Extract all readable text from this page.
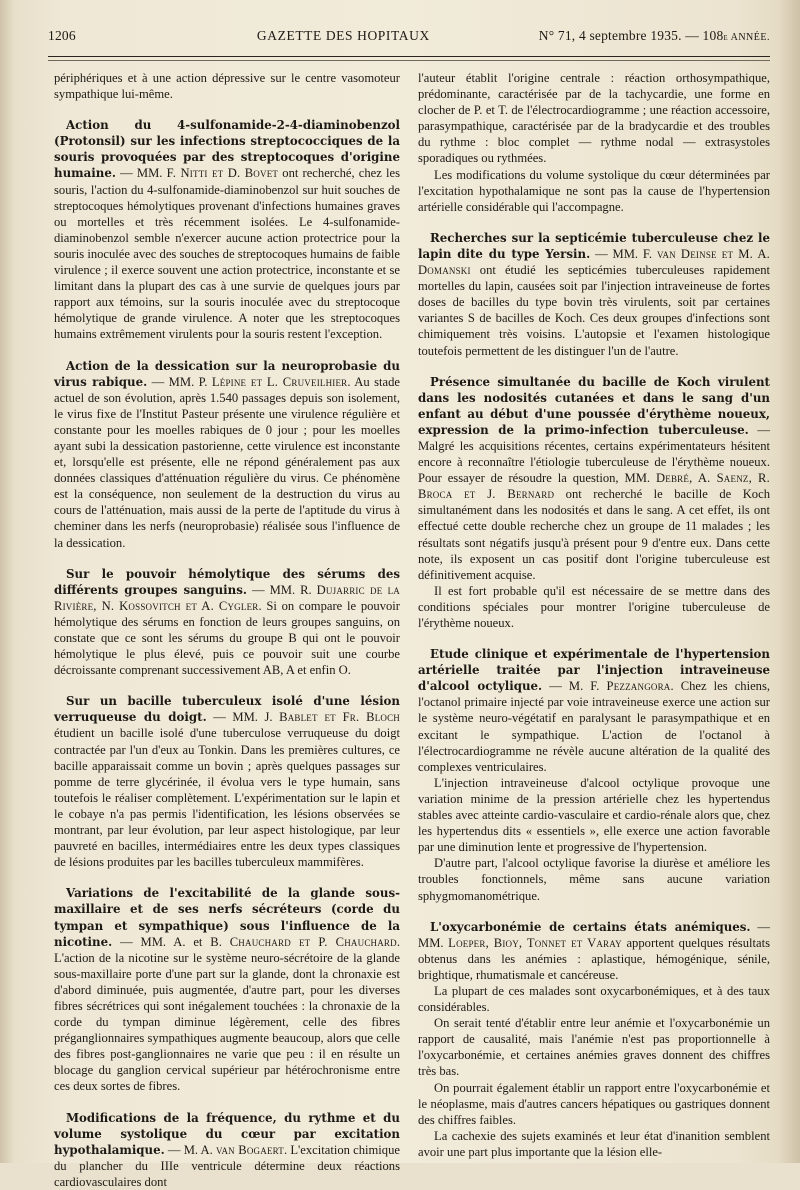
1206	GAZETTE DES HOPITAUX	N° 71, 4 septembre 1935. — 108e ANNÉE.

périphériques et à une action dépressive sur le centre vasomoteur sympathique lui-même.

Action du 4-sulfonamide-2-4-diaminobenzol (Protonsil) sur les infections streptococciques de la souris provoquées par des streptocoques d'origine humaine. — MM. F. Nitti et D. Bovet ont recherché, chez les souris, l'action du 4-sulfonamide-diaminobenzol sur huit souches de streptocoques hémolytiques provenant d'infections humaines graves ou mortelles et très récemment isolées. Le 4-sulfonamide-diaminobenzol semble n'exercer aucune action protectrice pour la souris inoculée avec des souches de streptocoques humains de faible virulence ; il exerce souvent une action protectrice, inconstante et se limitant dans la plupart des cas à une survie de quelques jours par rapport aux témoins, sur la souris inoculée avec du streptocoque hémolytique de grande virulence. A noter que les streptocoques humains extrêmement virulents pour la souris restent l'exception.

Action de la dessication sur la neuroprobasie du virus rabique. — MM. P. Lépine et L. Cruveilhier. Au stade actuel de son évolution, après 1.540 passages depuis son isolement, le virus fixe de l'Institut Pasteur présente une virulence régulière et constante pour les moelles rabiques de 0 jour ; pour les moelles ayant subi la dessication pastorienne, cette virulence est inconstante et, lorsqu'elle est présente, elle ne répond généralement pas aux données classiques d'atténuation régulière du virus. Ce phénomène est la conséquence, non seulement de la destruction du virus au cours de l'atténuation, mais aussi de la perte de l'aptitude du virus à cheminer dans les nerfs (neuroprobasie) réalisée sous l'influence de la dessication.

Sur le pouvoir hémolytique des sérums des différents groupes sanguins. — MM. R. Dujarric de la Rivière, N. Kossovitch et A. Cygler. Si on compare le pouvoir hémolytique des sérums en fonction de leurs groupes sanguins, on constate que ce sont les sérums du groupe B qui ont le pouvoir hémolytique le plus élevé, puis ce pouvoir suit une courbe décroissante comprenant successivement AB, A et enfin O.

Sur un bacille tuberculeux isolé d'une lésion verruqueuse du doigt. — MM. J. Bablet et Fr. Bloch étudient un bacille isolé d'une tuberculose verruqueuse du doigt contractée par l'un d'eux au Tonkin. Dans les premières cultures, ce bacille apparaissait comme un bovin ; après quelques passages sur pomme de terre glycérinée, il évolua vers le type humain, sans toutefois le réaliser complètement. L'expérimentation sur le lapin et le cobaye n'a pas permis l'identification, les lésions observées se montrant, par leur évolution, par leur aspect histologique, par leur pauvreté en bacilles, intermédiaires entre les deux types classiques de lésions produites par les bacilles tuberculeux mammifères.

Variations de l'excitabilité de la glande sous-maxillaire et de ses nerfs sécréteurs (corde du tympan et sympathique) sous l'influence de la nicotine. — MM. A. et B. Chauchard et P. Chauchard. L'action de la nicotine sur le système neuro-sécrétoire de la glande sous-maxillaire porte d'une part sur la glande, dont la chronaxie est d'abord diminuée, puis augmentée, d'autre part, pour les diverses fibres sécrétrices qui sont inégalement touchées : la chronaxie de la corde du tympan diminue légèrement, celle des fibres préganglionnaires sympathiques augmente beaucoup, alors que celle des fibres post-ganglionnaires ne varie que peu : il en résulte un blocage du ganglion cervical supérieur par hétérochronisme entre ces deux sortes de fibres.

Modifications de la fréquence, du rythme et du volume systolique du cœur par excitation hypothalamique. — M. A. van Bogaert. L'excitation chimique du plancher du IIIe ventricule détermine deux réactions cardiovasculaires dont

l'auteur établit l'origine centrale : réaction orthosympathique, prédominante, caractérisée par de la tachycardie, une forme en clocher de P. et T. de l'électrocardiogramme ; une réaction accessoire, parasympathique, caractérisée par de la bradycardie et des troubles du rythme : bloc complet — rythme nodal — extrasystoles sporadiques ou rythmées.

Les modifications du volume systolique du cœur déterminées par l'excitation hypothalamique ne sont pas la cause de l'hypertension artérielle considérable qui l'accompagne.

Recherches sur la septicémie tuberculeuse chez le lapin dite du type Yersin. — MM. F. van Deinse et M. A. Domanski ont étudié les septicémies tuberculeuses rapidement mortelles du lapin, causées soit par l'injection intraveineuse de fortes doses de bacilles du type bovin très virulents, soit par certaines variantes S de bacilles de Koch. Ces deux groupes d'infections sont chimiquement très voisins. L'autopsie et l'examen histologique toutefois permettent de les distinguer l'un de l'autre.

Présence simultanée du bacille de Koch virulent dans les nodosités cutanées et dans le sang d'un enfant au début d'une poussée d'érythème noueux, expression de la primo-infection tuberculeuse. — Malgré les acquisitions récentes, certains expérimentateurs hésitent encore à reconnaître l'étiologie tuberculeuse de l'érythème noueux. Pour essayer de résoudre la question, MM. Debré, A. Saenz, R. Broca et J. Bernard ont recherché le bacille de Koch simultanément dans les nodosités et dans le sang. A cet effet, ils ont effectué cette double recherche chez un groupe de 11 malades ; les résultats sont négatifs jusqu'à présent pour 9 d'entre eux. Dans cette note, ils exposent un cas positif dont l'origine tuberculeuse est définitivement acquise.

Il est fort probable qu'il est nécessaire de se mettre dans des conditions spéciales pour montrer l'origine tuberculeuse de l'érythème noueux.

Etude clinique et expérimentale de l'hypertension artérielle traitée par l'injection intraveineuse d'alcool octylique. — M. F. Pezzangora. Chez les chiens, l'octanol primaire injecté par voie intraveineuse exerce une action sur le système neuro-végétatif en paralysant le parasympathique et en excitant le sympathique. L'action de l'octanol à l'électrocardiogramme ne révèle aucune altération de la qualité des complexes ventriculaires.

L'injection intraveineuse d'alcool octylique provoque une variation minime de la pression artérielle chez les hypertendus stables avec atteinte cardio-vasculaire et cardio-rénale alors que, chez les hypertendus dits « essentiels », elle exerce une action favorable par une diminution lente et progressive de l'hypertension.

D'autre part, l'alcool octylique favorise la diurèse et améliore les troubles fonctionnels, même sans aucune variation sphygmomanométrique.

L'oxycarbonémie de certains états anémiques. — MM. Loeper, Bioy, Tonnet et Varay apportent quelques résultats obtenus dans les anémies : aplastique, hémogénique, sénile, brightique, rhumatismale et cancéreuse.

La plupart de ces malades sont oxycarbonémiques, et à des taux considérables.

On serait tenté d'établir entre leur anémie et l'oxycarbonémie un rapport de causalité, mais l'anémie n'est pas proportionnelle à l'oxycarbonémie, et certaines anémies graves donnent des chiffres très bas.

On pourrait également établir un rapport entre l'oxycarbonémie et le néoplasme, mais d'autres cancers hépatiques ou gastriques donnent des chiffres faibles.

La cachexie des sujets examinés et leur état d'inanition semblent avoir une part plus importante que la lésion elle-
